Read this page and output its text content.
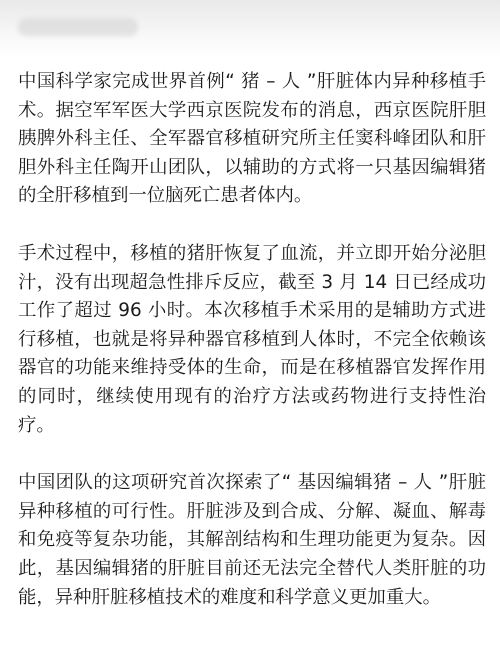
中国科学家完成世界首例“ 猪 – 人 ”肝脏体内异种移植手术。据空军军医大学西京医院发布的消息，西京医院肝胆胰脾外科主任、全军器官移植研究所主任窦科峰团队和肝胆外科主任陶开山团队，以辅助的方式将一只基因编辑猪的全肝移植到一位脑死亡患者体内。

手术过程中，移植的猪肝恢复了血流，并立即开始分泌胆汁，没有出现超急性排斥反应，截至 3 月 14 日已经成功工作了超过 96 小时。本次移植手术采用的是辅助方式进行移植，也就是将异种器官移植到人体时，不完全依赖该器官的功能来维持受体的生命，而是在移植器官发挥作用的同时，继续使用现有的治疗方法或药物进行支持性治疗。

中国团队的这项研究首次探索了“ 基因编辑猪 – 人 ”肝脏异种移植的可行性。肝脏涉及到合成、分解、凝血、解毒和免疫等复杂功能，其解剖结构和生理功能更为复杂。因此，基因编辑猪的肝脏目前还无法完全替代人类肝脏的功能，异种肝脏移植技术的难度和科学意义更加重大。
